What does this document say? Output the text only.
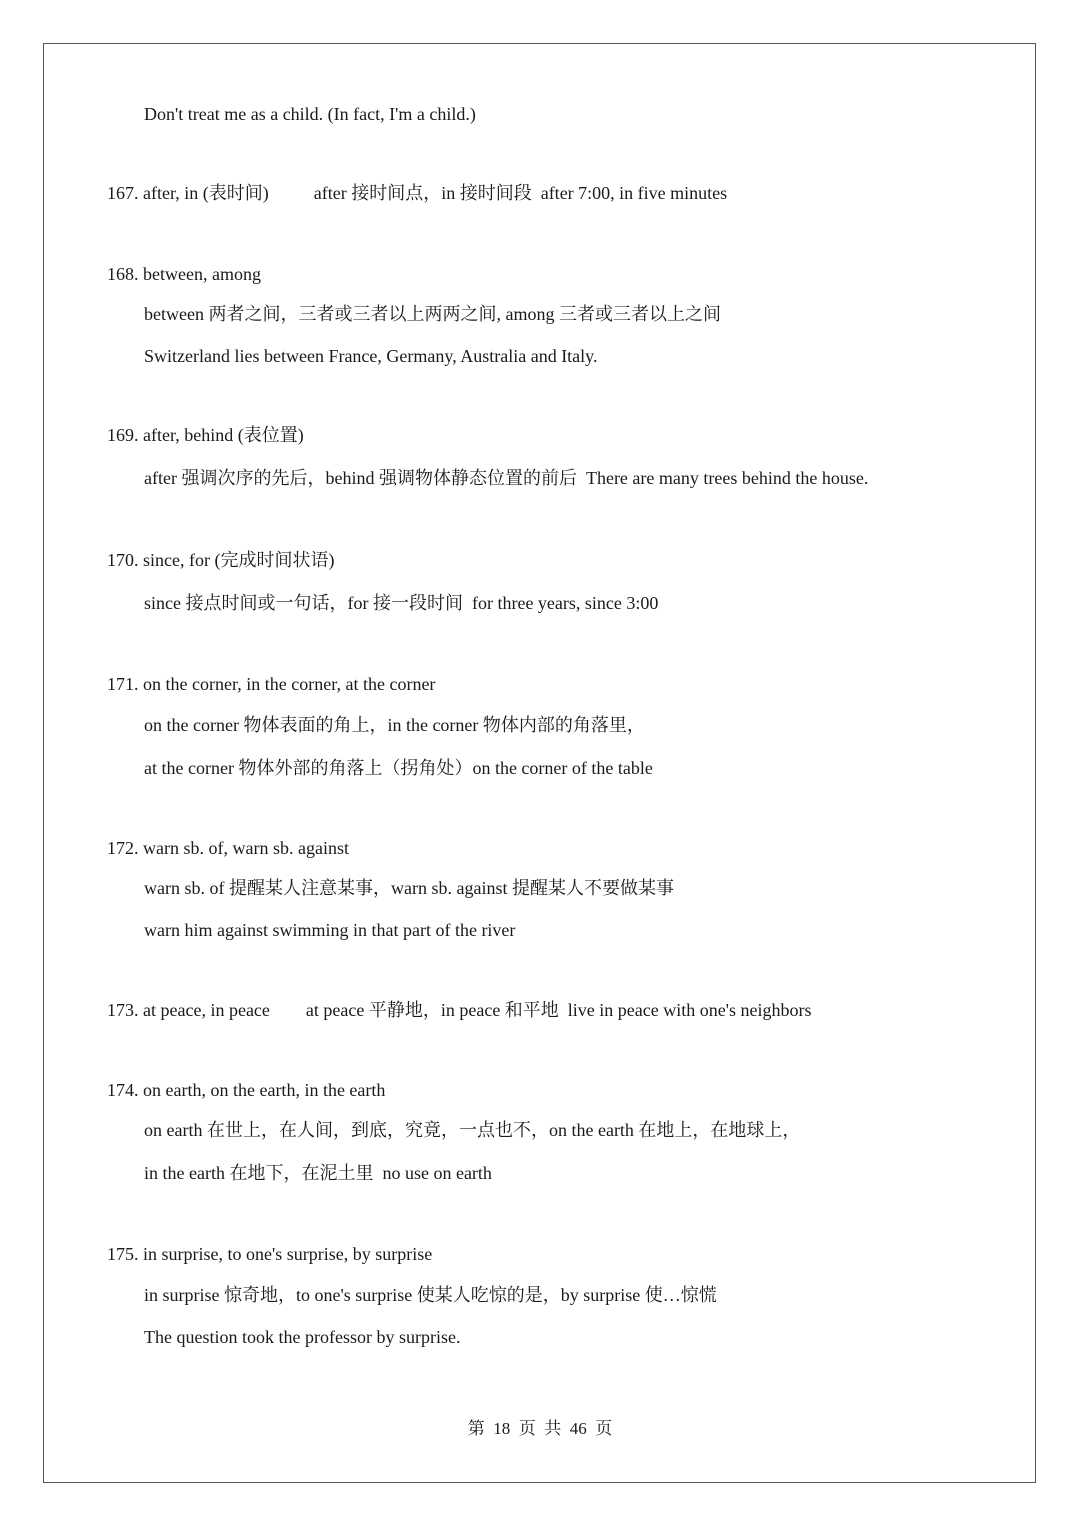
Don't treat me as a child. (In fact, I'm a child.)
167. after, in (表时间)          after 接时间点，in 接时间段  after 7:00, in five minutes
168. between, among
between 两者之间，三者或三者以上两两之间, among 三者或三者以上之间
Switzerland lies between France, Germany, Australia and Italy.
169. after, behind (表位置)
after 强调次序的先后，behind 强调物体静态位置的前后  There are many trees behind the house.
170. since, for (完成时间状语)
since 接点时间或一句话，for 接一段时间  for three years, since 3:00
171. on the corner, in the corner, at the corner
on the corner 物体表面的角上，in the corner 物体内部的角落里，
at the corner 物体外部的角落上（拐角处）on the corner of the table
172. warn sb. of, warn sb. against
warn sb. of 提醒某人注意某事，warn sb. against 提醒某人不要做某事
warn him against swimming in that part of the river
173. at peace, in peace        at peace 平静地，in peace 和平地  live in peace with one's neighbors
174. on earth, on the earth, in the earth
on earth 在世上，在人间，到底，究竟，一点也不，on the earth 在地上，在地球上，
in the earth 在地下，在泥土里  no use on earth
175. in surprise, to one's surprise, by surprise
in surprise 惊奇地，to one's surprise 使某人吃惊的是，by surprise 使…惊慌
The question took the professor by surprise.
第  18  页  共  46  页
